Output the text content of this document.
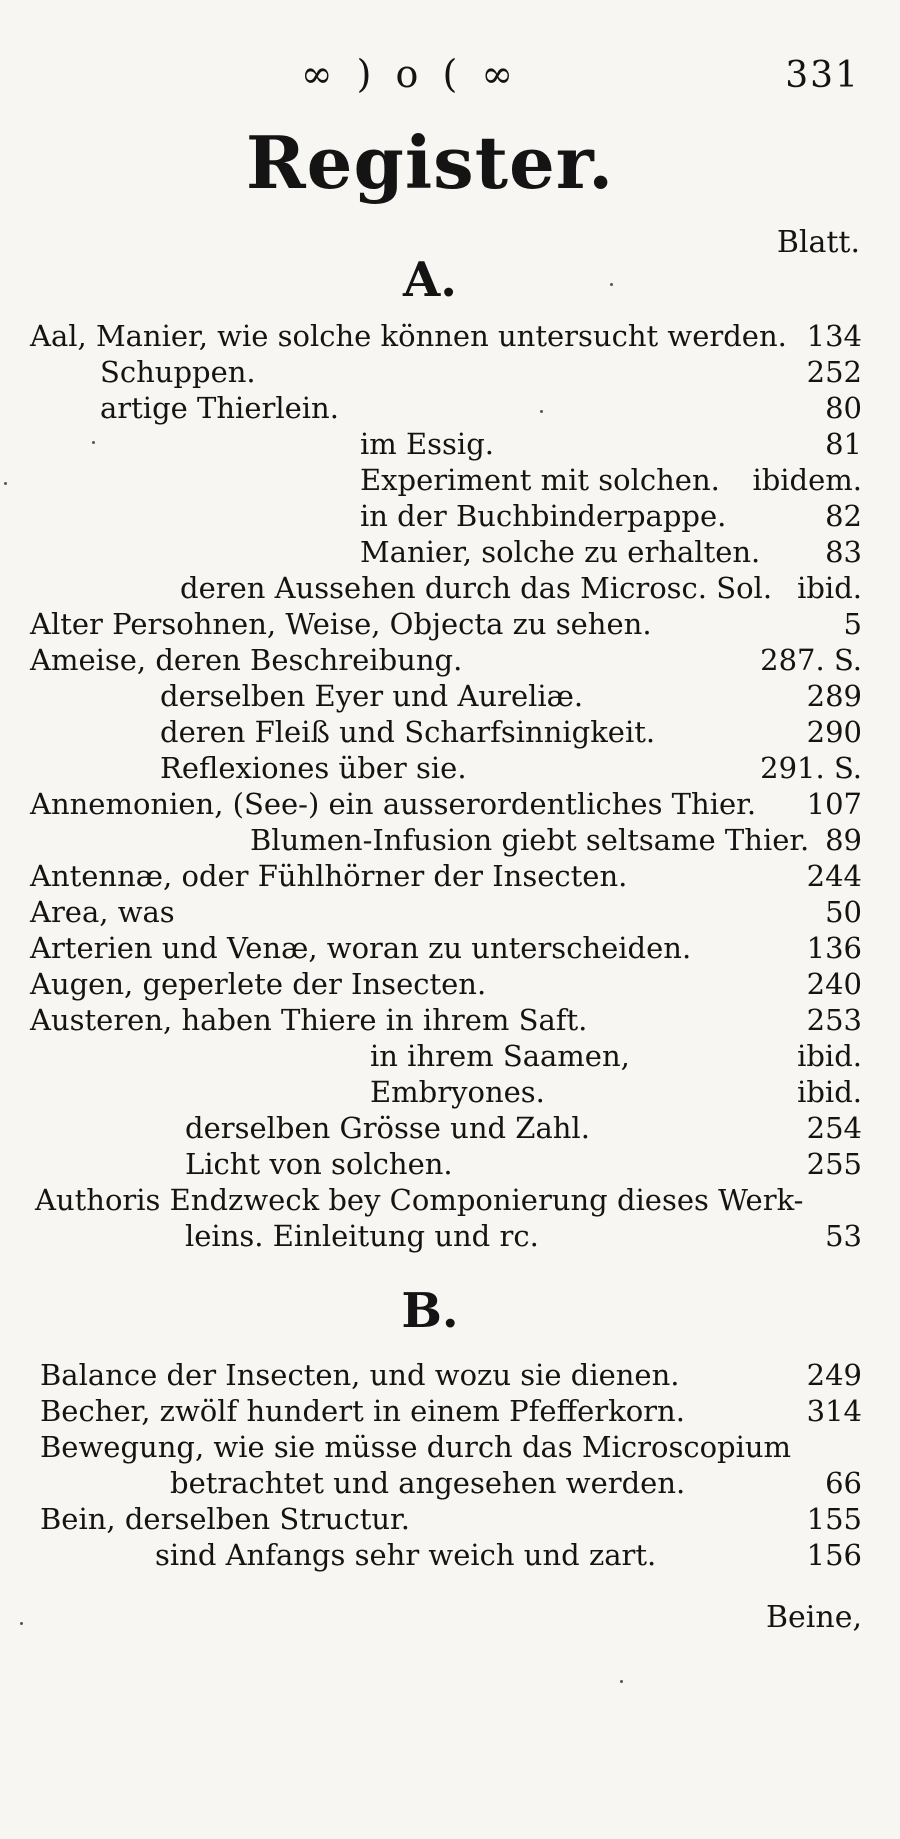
∞ ) o ( ∞	331
Register.
Blatt.
A.
Aal, Manier, wie solche können untersucht werden. 134
Schuppen.	252
artige Thierlein.	80
im Essig.	81
Experiment mit solchen. ibidem.
in der Buchbinderpappe.	82
Manier, solche zu erhalten. 83
deren Aussehen durch das Microsc. Sol. ibid.
Alter Persohnen, Weise, Objecta zu sehen.	5
Ameise, deren Beschreibung.	287. S.
derselben Eyer und Aureliæ.	289
deren Fleiß und Scharfsinnigkeit.	290
Reflexiones über sie.	291. S.
Annemonien, (See-) ein ausserordentliches Thier. 107
Blumen-Infusion giebt seltsame Thier. 89
Antennæ, oder Fühlhörner der Insecten.	244
Area, was	50
Arterien und Venæ, woran zu unterscheiden.	136
Augen, geperlete der Insecten.	240
Austeren, haben Thiere in ihrem Saft.	253
in ihrem Saamen,	ibid.
Embryones.	ibid.
derselben Grösse und Zahl.	254
Licht von solchen.	255
Authoris Endzweck bey Componierung dieses Werk-
leins. Einleitung und rc.	53
B.
Balance der Insecten, und wozu sie dienen.	249
Becher, zwölf hundert in einem Pfefferkorn.	314
Bewegung, wie sie müsse durch das Microscopium
betrachtet und angesehen werden.	66
Bein, derselben Structur.	155
sind Anfangs sehr weich und zart.	156
Beine,
